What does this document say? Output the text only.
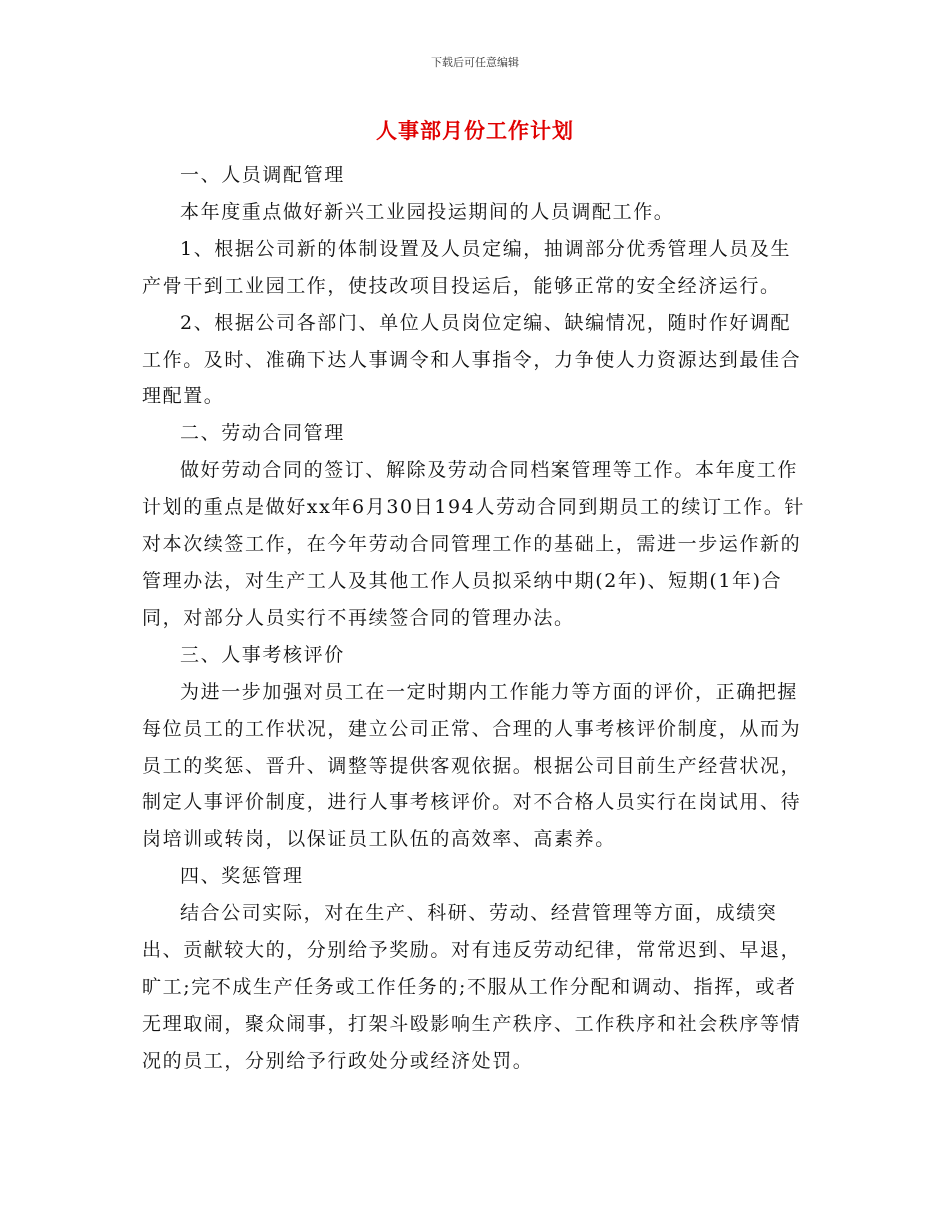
下载后可任意编辑
人事部月份工作计划

一、人员调配管理

本年度重点做好新兴工业园投运期间的人员调配工作。

1、根据公司新的体制设置及人员定编，抽调部分优秀管理人员及生产骨干到工业园工作，使技改项目投运后，能够正常的安全经济运行。

2、根据公司各部门、单位人员岗位定编、缺编情况，随时作好调配工作。及时、准确下达人事调令和人事指令，力争使人力资源达到最佳合理配置。

二、劳动合同管理

做好劳动合同的签订、解除及劳动合同档案管理等工作。本年度工作计划的重点是做好xx年6月30日194人劳动合同到期员工的续订工作。针对本次续签工作，在今年劳动合同管理工作的基础上，需进一步运作新的管理办法，对生产工人及其他工作人员拟采纳中期(2年)、短期(1年)合同，对部分人员实行不再续签合同的管理办法。

三、人事考核评价

为进一步加强对员工在一定时期内工作能力等方面的评价，正确把握每位员工的工作状况，建立公司正常、合理的人事考核评价制度，从而为员工的奖惩、晋升、调整等提供客观依据。根据公司目前生产经营状况，制定人事评价制度，进行人事考核评价。对不合格人员实行在岗试用、待岗培训或转岗，以保证员工队伍的高效率、高素养。

四、奖惩管理

结合公司实际，对在生产、科研、劳动、经营管理等方面，成绩突出、贡献较大的，分别给予奖励。对有违反劳动纪律，常常迟到、早退，旷工;完不成生产任务或工作任务的;不服从工作分配和调动、指挥，或者无理取闹，聚众闹事，打架斗殴影响生产秩序、工作秩序和社会秩序等情况的员工，分别给予行政处分或经济处罚。
